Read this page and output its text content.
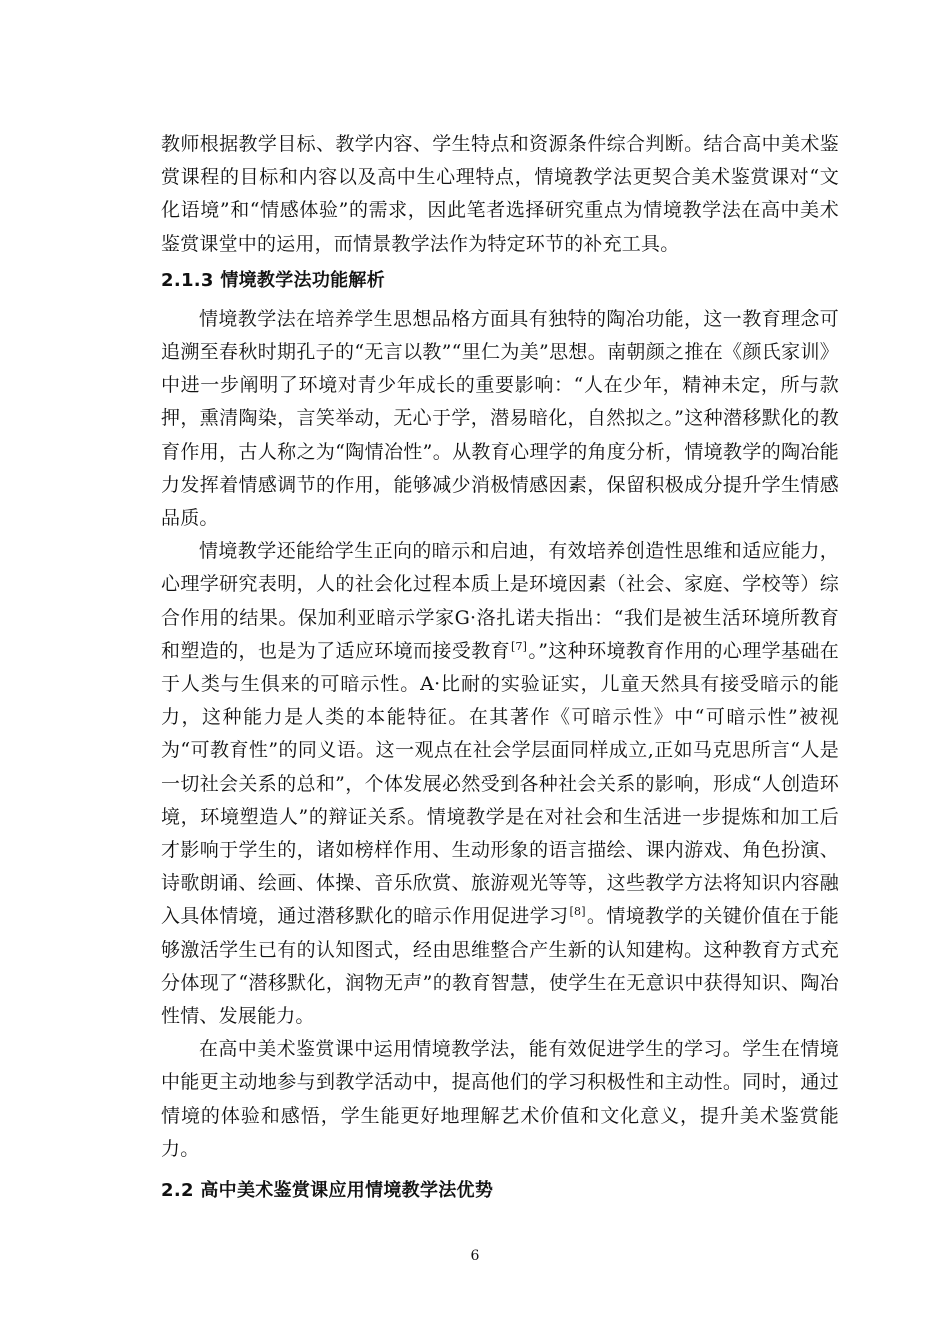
教师根据教学目标、教学内容、学生特点和资源条件综合判断。结合高中美术鉴赏课程的目标和内容以及高中生心理特点，情境教学法更契合美术鉴赏课对“文化语境”和“情感体验”的需求，因此笔者选择研究重点为情境教学法在高中美术鉴赏课堂中的运用，而情景教学法作为特定环节的补充工具。

2.1.3 情境教学法功能解析

情境教学法在培养学生思想品格方面具有独特的陶冶功能，这一教育理念可追溯至春秋时期孔子的“无言以教”“里仁为美”思想。南朝颜之推在《颜氏家训》中进一步阐明了环境对青少年成长的重要影响：“人在少年，精神未定，所与款押，熏清陶染，言笑举动，无心于学，潜易暗化，自然拟之。”这种潜移默化的教育作用，古人称之为“陶情冶性”。从教育心理学的角度分析，情境教学的陶冶能力发挥着情感调节的作用，能够减少消极情感因素，保留积极成分提升学生情感品质。

情境教学还能给学生正向的暗示和启迪，有效培养创造性思维和适应能力，心理学研究表明，人的社会化过程本质上是环境因素（社会、家庭、学校等）综合作用的结果。保加利亚暗示学家G·洛扎诺夫指出：“我们是被生活环境所教育和塑造的，也是为了适应环境而接受教育[7]。”这种环境教育作用的心理学基础在于人类与生俱来的可暗示性。A·比耐的实验证实，儿童天然具有接受暗示的能力，这种能力是人类的本能特征。在其著作《可暗示性》中“可暗示性”被视为“可教育性”的同义语。这一观点在社会学层面同样成立,正如马克思所言“人是一切社会关系的总和”，个体发展必然受到各种社会关系的影响，形成“人创造环境，环境塑造人”的辩证关系。情境教学是在对社会和生活进一步提炼和加工后才影响于学生的，诸如榜样作用、生动形象的语言描绘、课内游戏、角色扮演、诗歌朗诵、绘画、体操、音乐欣赏、旅游观光等等，这些教学方法将知识内容融入具体情境，通过潜移默化的暗示作用促进学习[8]。情境教学的关键价值在于能够激活学生已有的认知图式，经由思维整合产生新的认知建构。这种教育方式充分体现了“潜移默化，润物无声”的教育智慧，使学生在无意识中获得知识、陶冶性情、发展能力。

在高中美术鉴赏课中运用情境教学法，能有效促进学生的学习。学生在情境中能更主动地参与到教学活动中，提高他们的学习积极性和主动性。同时，通过情境的体验和感悟，学生能更好地理解艺术价值和文化意义，提升美术鉴赏能力。

2.2 高中美术鉴赏课应用情境教学法优势
6
